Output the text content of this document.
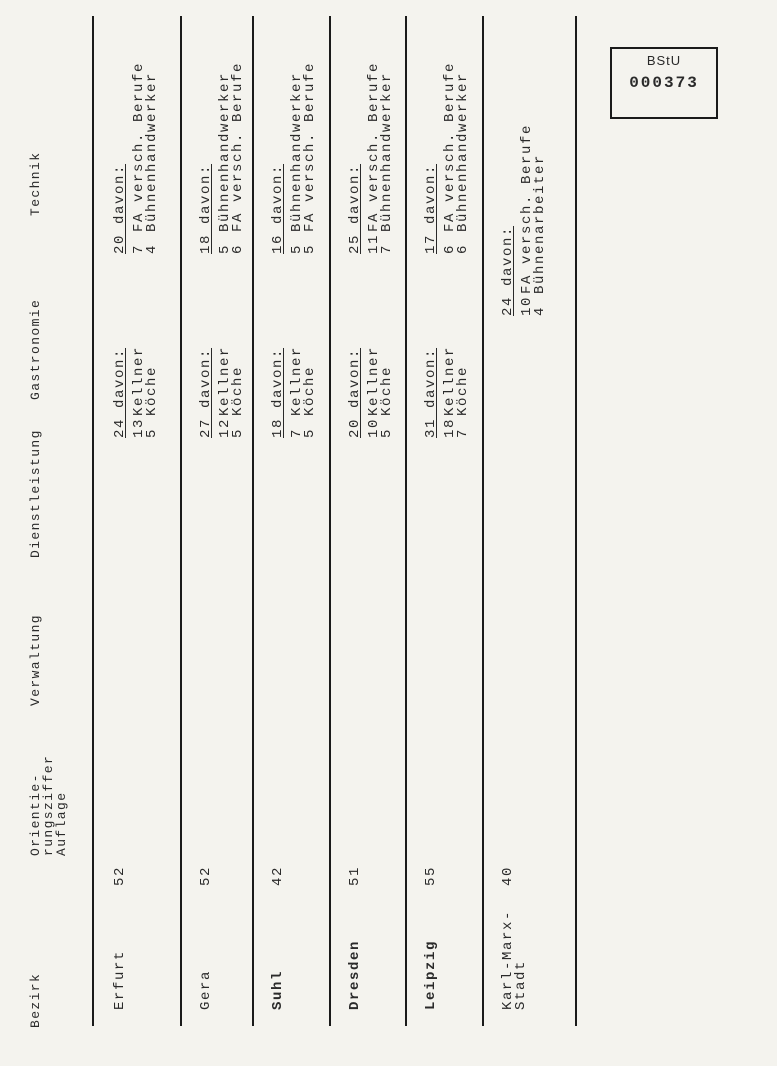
Bezirk
Orientie-
rungsziffer
Auflage
Verwaltung
Dienstleistung
Gastronomie
Technik
Erfurt
52
24 davon: 13Kellner
5Köche
20 davon: 7FA versch. Berufe
4Bühnenhandwerker
Gera
52
27 davon: 12Kellner
5Köche
18 davon: 5Bühnenhandwerker
6FA versch. Berufe
Suhl
42
18 davon: 7Kellner
5Köche
16 davon: 5Bühnenhandwerker
5FA versch. Berufe
Dresden
51
20 davon: 10Kellner
5Köche
25 davon: 11FA versch. Berufe
7Bühnenhandwerker
Leipzig
55
31 davon: 18Kellner
7Köche
17 davon: 6FA versch. Berufe
6Bühnenhandwerker
Karl-Marx-
Stadt
40
24 davon: 10FA versch. Berufe
4Bühnenarbeiter
BStU
000373
